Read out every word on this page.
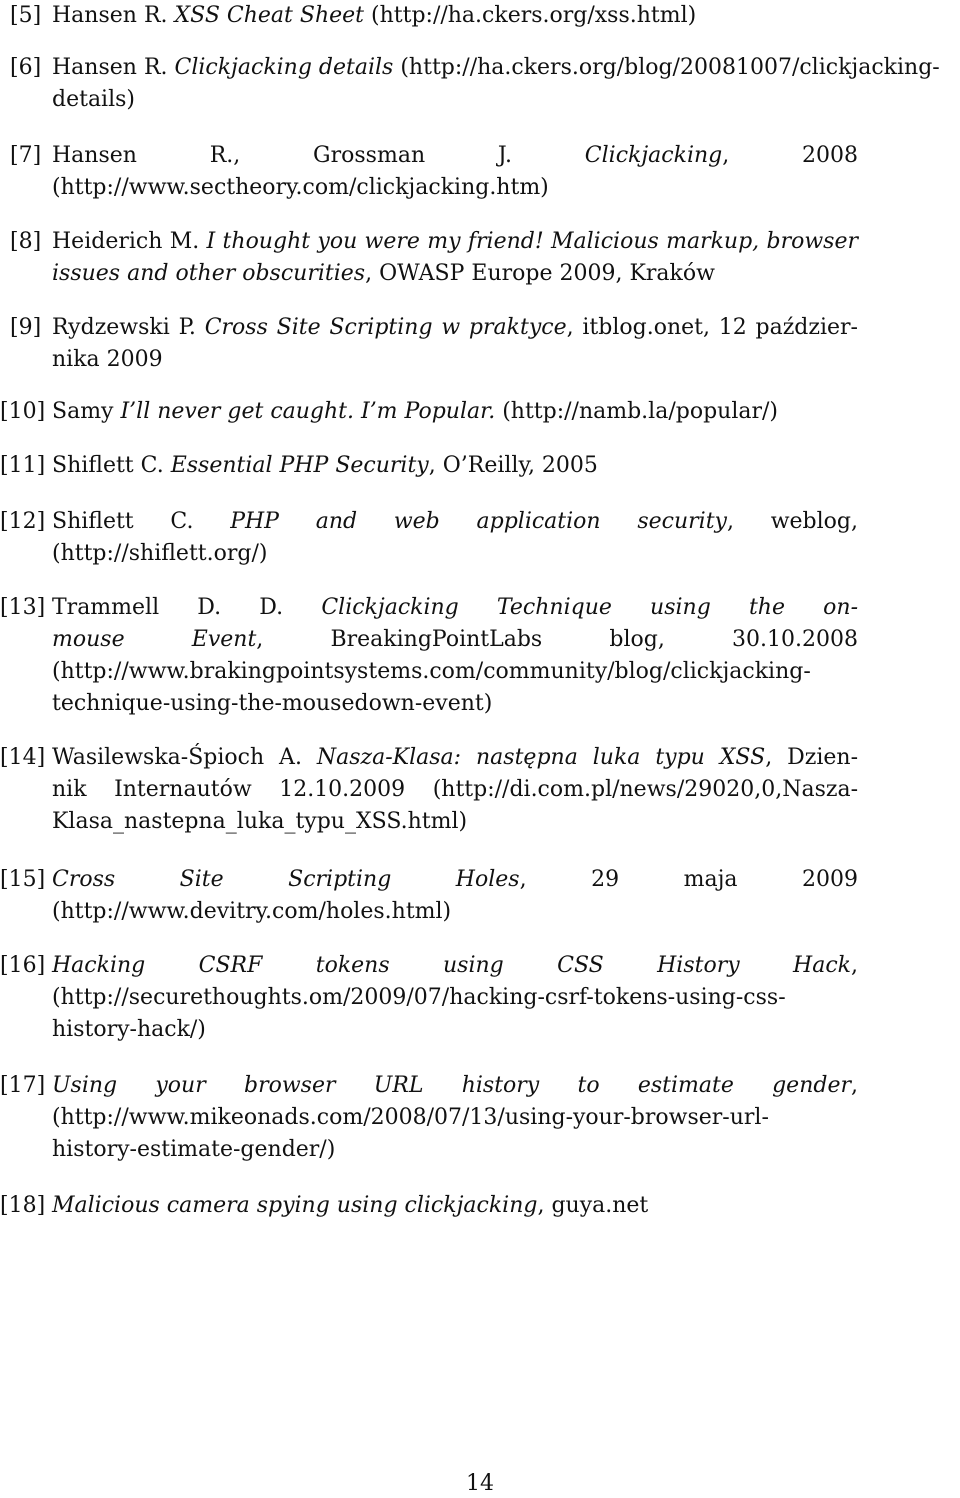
[5] Hansen R. XSS Cheat Sheet (http://ha.ckers.org/xss.html)
[6] Hansen R. Clickjacking details (http://ha.ckers.org/blog/20081007/clickjacking-
details)
[7] Hansen R., Grossman J. Clickjacking, 2008
(http://www.sectheory.com/clickjacking.htm)
[8] Heiderich M. I thought you were my friend! Malicious markup, browser
issues and other obscurities, OWASP Europe 2009, Kraków
[9] Rydzewski P. Cross Site Scripting w praktyce, itblog.onet, 12 paździer-
nika 2009
[10] Samy I’ll never get caught. I’m Popular. (http://namb.la/popular/)
[11] Shiflett C. Essential PHP Security, O’Reilly, 2005
[12] Shiflett C. PHP and web application security, weblog,
(http://shiflett.org/)
[13] Trammell D. D. Clickjacking Technique using the on-
mouse Event, BreakingPointLabs blog, 30.10.2008
(http://www.brakingpointsystems.com/community/blog/clickjacking-
technique-using-the-mousedown-event)
[14] Wasilewska-Śpioch A. Nasza-Klasa: następna luka typu XSS, Dzien-
nik Internautów 12.10.2009 (http://di.com.pl/news/29020,0,Nasza-
Klasa_nastepna_luka_typu_XSS.html)
[15] Cross Site Scripting Holes, 29 maja 2009
(http://www.devitry.com/holes.html)
[16] Hacking CSRF tokens using CSS History Hack,
(http://securethoughts.om/2009/07/hacking-csrf-tokens-using-css-
history-hack/)
[17] Using your browser URL history to estimate gender,
(http://www.mikeonads.com/2008/07/13/using-your-browser-url-
history-estimate-gender/)
[18] Malicious camera spying using clickjacking, guya.net
14
